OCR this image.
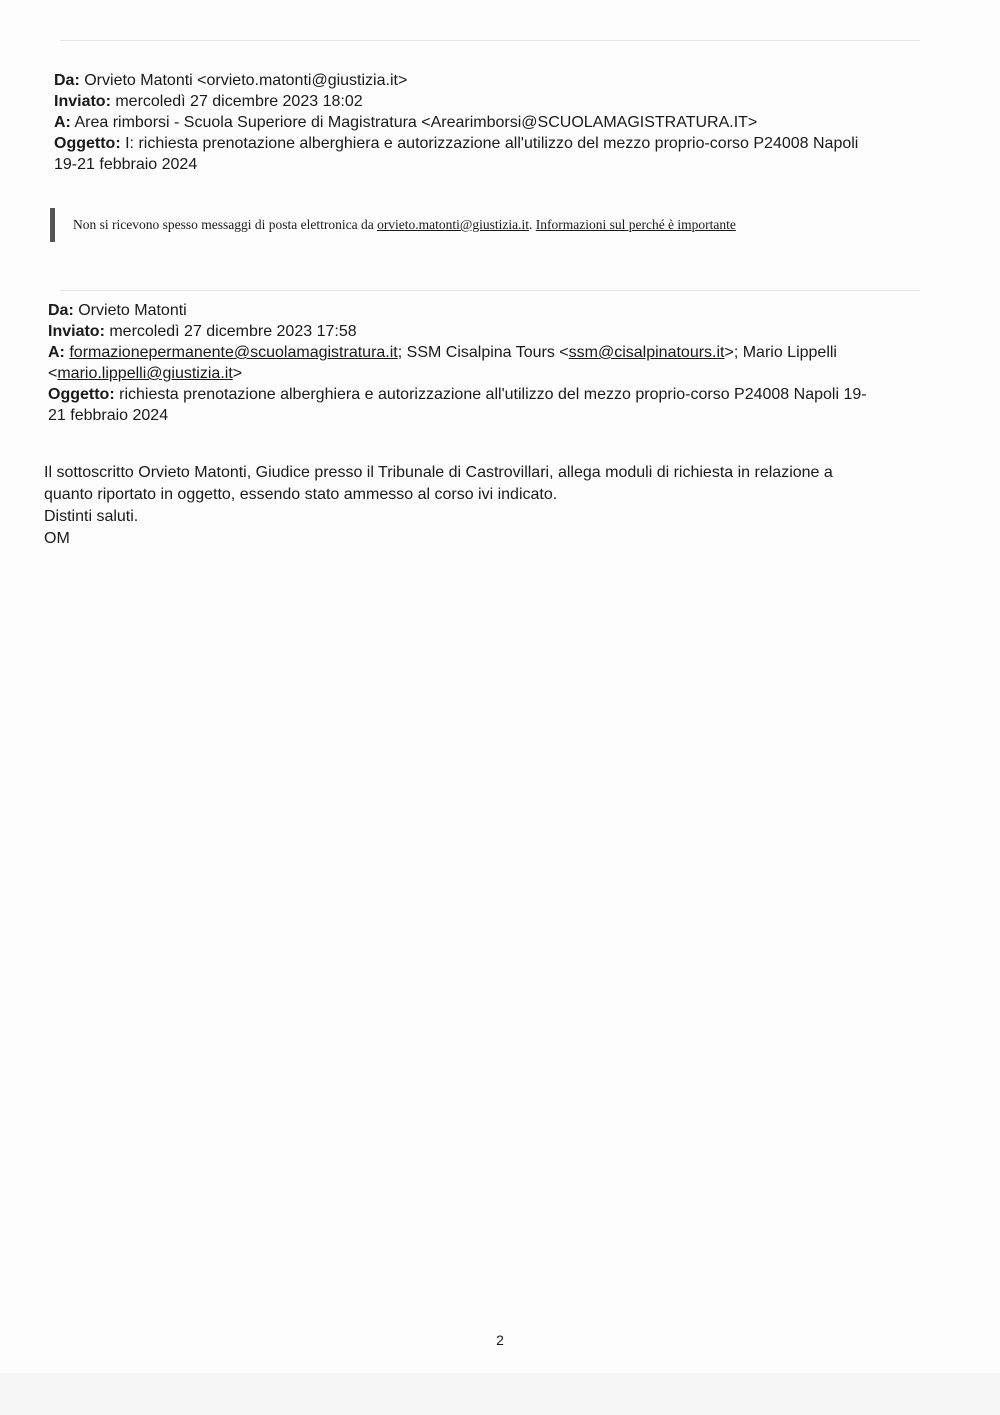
Da: Orvieto Matonti <orvieto.matonti@giustizia.it>
Inviato: mercoledì 27 dicembre 2023 18:02
A: Area rimborsi - Scuola Superiore di Magistratura <Arearimborsi@SCUOLAMAGISTRATURA.IT>
Oggetto: I: richiesta prenotazione alberghiera e autorizzazione all'utilizzo del mezzo proprio-corso P24008 Napoli
19-21 febbraio 2024
Non si ricevono spesso messaggi di posta elettronica da orvieto.matonti@giustizia.it. Informazioni sul perché è importante
Da: Orvieto Matonti
Inviato: mercoledì 27 dicembre 2023 17:58
A: formazionepermanente@scuolamagistratura.it; SSM Cisalpina Tours <ssm@cisalpinatours.it>; Mario Lippelli
<mario.lippelli@giustizia.it>
Oggetto: richiesta prenotazione alberghiera e autorizzazione all'utilizzo del mezzo proprio-corso P24008 Napoli 19-
21 febbraio 2024

Il sottoscritto Orvieto Matonti, Giudice presso il Tribunale di Castrovillari, allega moduli di richiesta in relazione a

quanto riportato in oggetto, essendo stato ammesso al corso ivi indicato.

Distinti saluti.

OM

2
